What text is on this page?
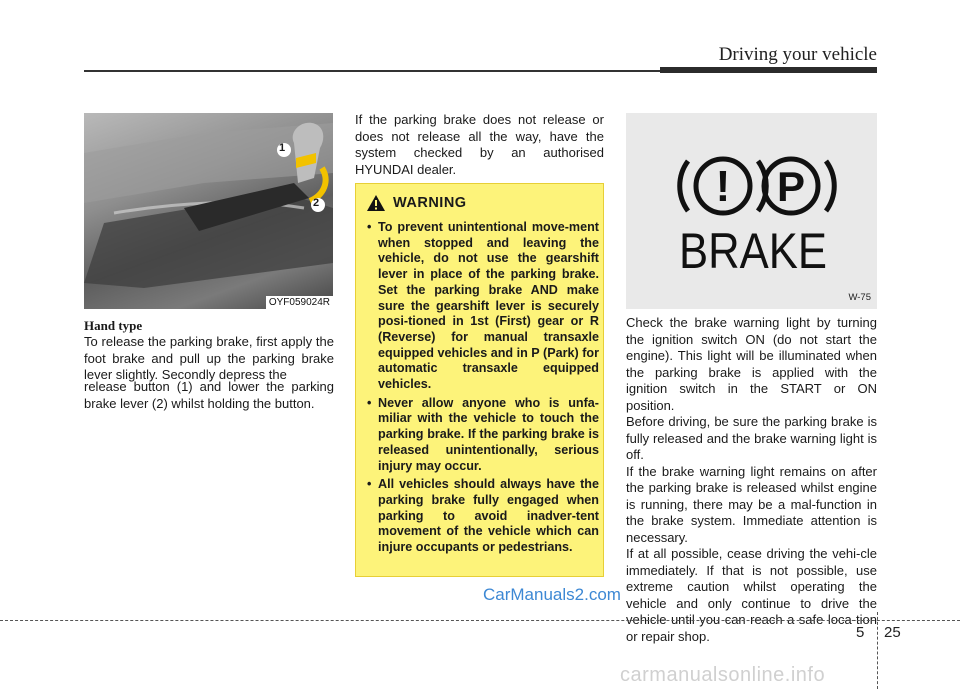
Driving your vehicle
1
2
OYF059024R
Hand type
To release the parking brake, first apply the foot brake and pull up the parking brake lever slightly. Secondly depress the
release button (1) and lower the parking brake lever (2) whilst holding the button.
If the parking brake does not release or does not release all the way, have the system checked by an authorised HYUNDAI dealer.
WARNING
• To prevent unintentional move-ment when stopped and leaving the vehicle, do not use the gearshift lever in place of the parking brake. Set the parking brake AND make sure the gearshift lever is securely posi-tioned in 1st (First) gear or R (Reverse) for manual transaxle equipped vehicles and in P (Park) for automatic transaxle equipped vehicles.
• Never allow anyone who is unfa-miliar with the vehicle to touch the parking brake. If the parking brake is released unintentionally, serious injury may occur.
• All vehicles should always have the parking brake fully engaged when parking to avoid inadver-tent movement of the vehicle which can injure occupants or pedestrians.
! P
BRAKE
W-75
Check the brake warning light by turning the ignition switch ON (do not start the engine). This light will be illuminated when the parking brake is applied with the ignition switch in the START or ON position.
Before driving, be sure the parking brake is fully released and the brake warning light is off.
If the brake warning light remains on after the parking brake is released whilst engine is running, there may be a mal-function in the brake system. Immediate attention is necessary.
If at all possible, cease driving the vehi-cle immediately. If that is not possible, use extreme caution whilst operating the vehicle and only continue to drive the vehicle until you can reach a safe loca-tion or repair shop.
CarManuals2.com
5 25
carmanualsonline.info
